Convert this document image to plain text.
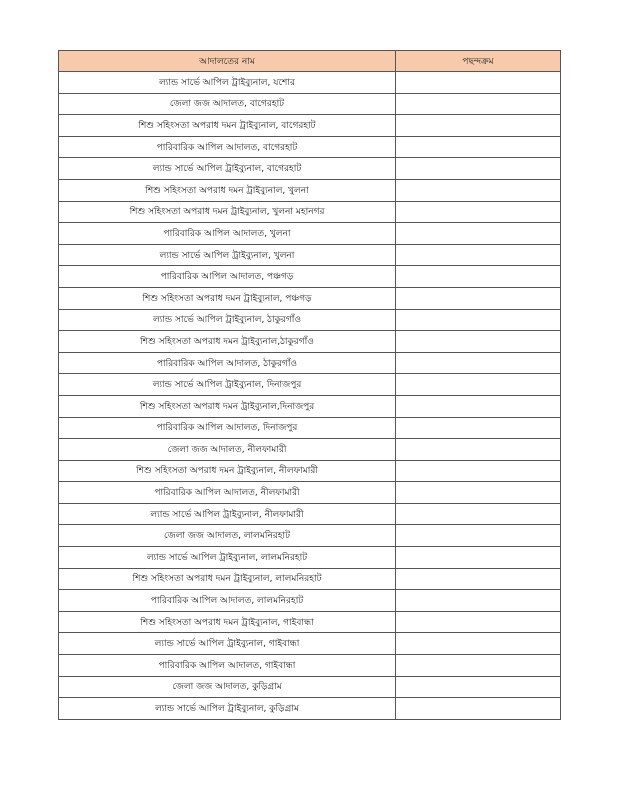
আদালতের নাম	পছন্দক্রম
ল্যান্ড সার্ভে আপিল ট্রাইব্যুনাল, যশোর	
জেলা জজ আদালত, বাগেরহাট	
শিশু সহিংসতা অপরাধ দমন ট্রাইব্যুনাল, বাগেরহাট	
পারিবারিক আপিল আদালত, বাগেরহাট	
ল্যান্ড সার্ভে আপিল ট্রাইব্যুনাল, বাগেরহাট	
শিশু সহিংসতা অপরাধ দমন ট্রাইব্যুনাল, খুলনা	
শিশু সহিংসতা অপরাধ দমন ট্রাইব্যুনাল, খুলনা মহানগর	
পারিবারিক আপিল আদালত, খুলনা	
ল্যান্ড সার্ভে আপিল ট্রাইব্যুনাল, খুলনা	
পারিবারিক আপিল আদালত, পঞ্চগড়	
শিশু সহিংসতা অপরাধ দমন ট্রাইব্যুনাল, পঞ্চগড়	
ল্যান্ড সার্ভে আপিল ট্রাইব্যুনাল, ঠাকুরগাঁও	
শিশু সহিংসতা অপরাধ দমন ট্রাইব্যুনাল,ঠাকুরগাঁও	
পারিবারিক আপিল আদালত, ঠাকুরগাঁও	
ল্যান্ড সার্ভে আপিল ট্রাইব্যুনাল, দিনাজপুর	
শিশু সহিংসতা অপরাধ দমন ট্রাইব্যুনাল,দিনাজপুর	
পারিবারিক আপিল আদালত, দিনাজপুর	
জেলা জজ আদালত, নীলফামারী	
শিশু সহিংসতা অপরাধ দমন ট্রাইব্যুনাল, নীলফামারী	
পারিবারিক আপিল আদালত, নীলফামারী	
ল্যান্ড সার্ভে আপিল ট্রাইব্যুনাল, নীলফামারী	
জেলা জজ আদালত, লালমনিরহাট	
ল্যান্ড সার্ভে আপিল ট্রাইব্যুনাল, লালমনিরহাট	
শিশু সহিংসতা অপরাধ দমন ট্রাইব্যুনাল, লালমনিরহাট	
পারিবারিক আপিল আদালত, লালমনিরহাট	
শিশু সহিংসতা অপরাধ দমন ট্রাইব্যুনাল, গাইবান্ধা	
ল্যান্ড সার্ভে আপিল ট্রাইব্যুনাল, গাইবান্ধা	
পারিবারিক আপিল আদালত, গাইবান্ধা	
জেলা জজ আদালত, কুড়িগ্রাম	
ল্যান্ড সার্ভে আপিল ট্রাইব্যুনাল, কুড়িগ্রাম	
